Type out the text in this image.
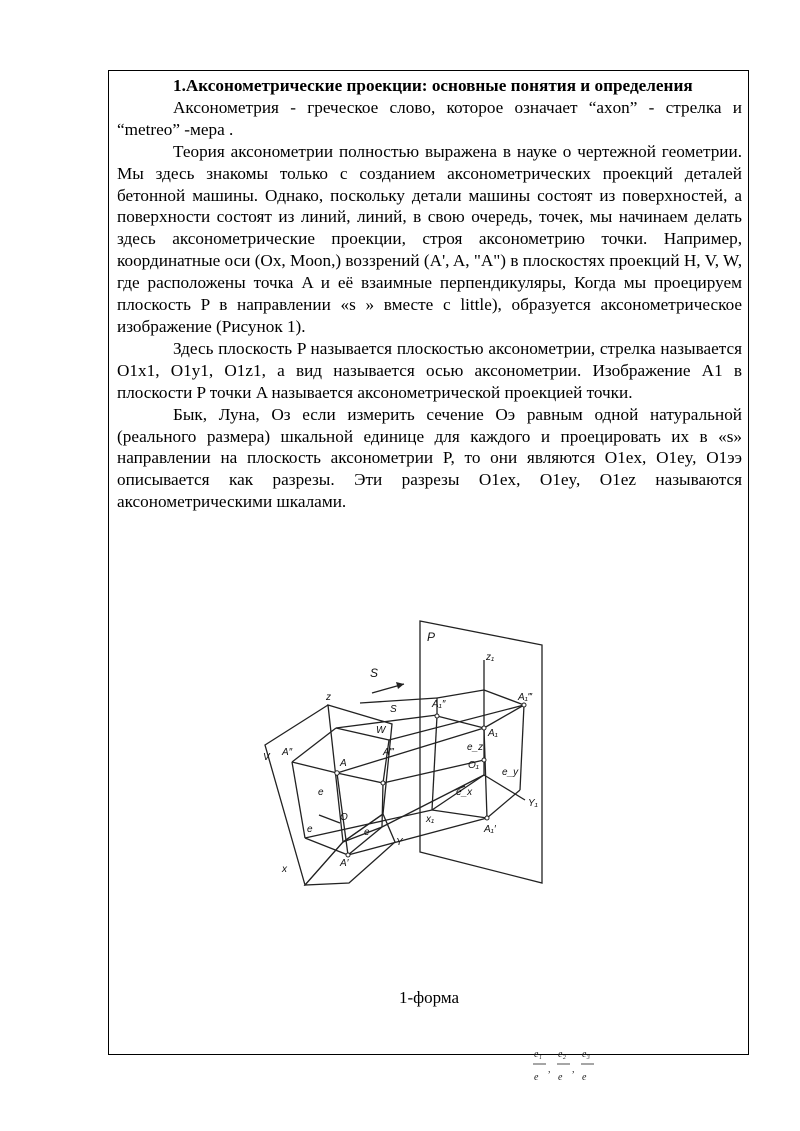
1.Аксонометрические проекции: основные понятия и определения

Аксонометрия - греческое слово, которое означает “axon” - стрелка и “metreo” -мера .

Теория аксонометрии полностью выражена в науке о чертежной геометрии. Мы здесь знакомы только с созданием аксонометрических проекций деталей бетонной машины. Однако, поскольку детали машины состоят из поверхностей, а поверхности состоят из линий, линий, в свою очередь, точек, мы начинаем делать здесь аксонометрические проекции, строя аксонометрию точки. Например, координатные оси (Ox, Moon,) воззрений (A', A, "A") в плоскостях проекций H, V, W, где расположены точка A и её взаимные перпендикуляры, Когда мы проецируем плоскость P в направлении «s » вместе с little), образуется аксонометрическое изображение (Рисунок 1).

Здесь плоскость P называется плоскостью аксонометрии, стрелка называется O1x1, O1y1, O1z1, а вид называется осью аксонометрии. Изображение A1 в плоскости P точки A называется аксонометрической проекцией точки.

Бык, Луна, Оз если измерить сечение Оэ равным одной натуральной (реального размера) шкальной единице для каждого и проецировать их в «s» направлении на плоскость аксонометрии P, то они являются O1ex, O1ey, O1ээ описывается как разрезы. Эти разрезы O1ex, O1ey, O1ez называются аксонометрическими шкалами.

P
S
S
z
z₁
V
W
A″	A‴
A
e
e	e
O
Y
A′
x
A₁‴
A₁″
A₁
e_z
O₁
e_y
e_x
Y₁
x₁
A₁′
1-форма
e₁
e
,
e₂
e
,
e₃
e
